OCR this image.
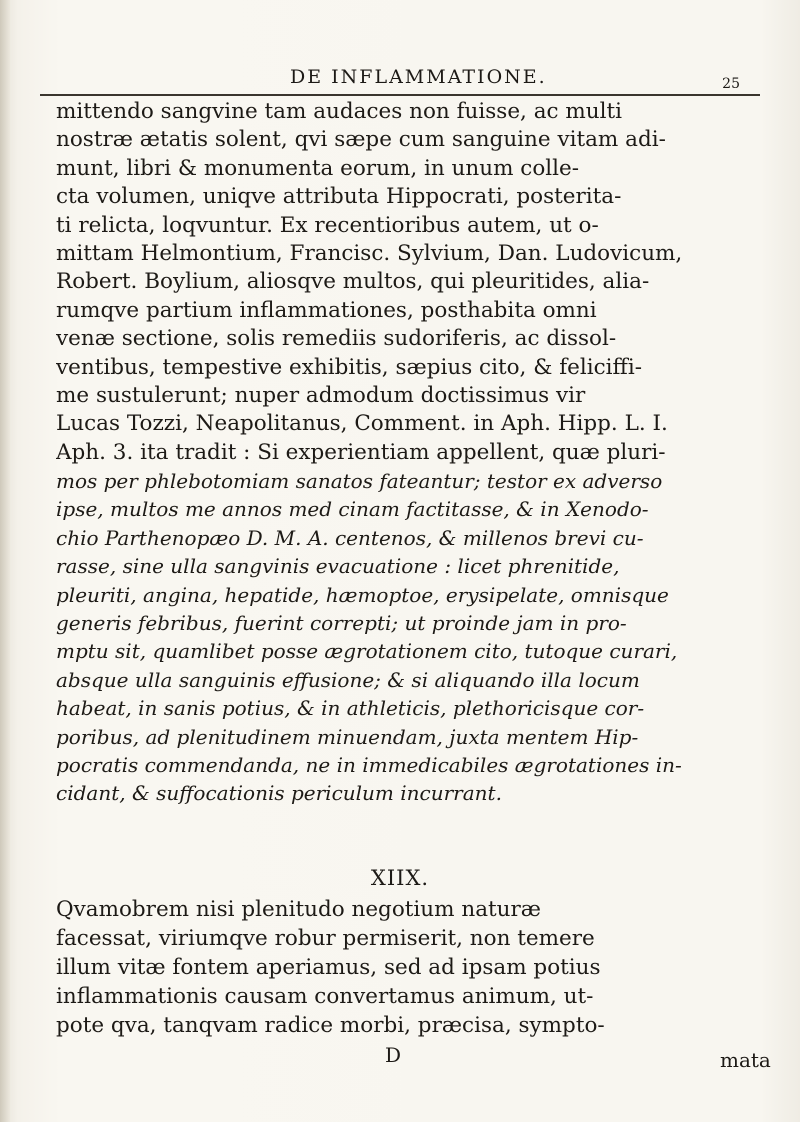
DE INFLAMMATIONE.	25
mittendo sangvine tam audaces non fuisse, ac multi
nostræ ætatis solent, qvi sæpe cum sanguine vitam adi-
munt, libri & monumenta eorum, in unum colle-
cta volumen, uniqve attributa Hippocrati, posterita-
ti relicta, loqvuntur. Ex recentioribus autem, ut o-
mittam Helmontium, Francisc. Sylvium, Dan. Ludovicum,
Robert. Boylium, aliosqve multos, qui pleuritides, alia-
rumqve partium inflammationes, posthabita omni
venæ sectione, solis remediis sudoriferis, ac dissol-
ventibus, tempestive exhibitis, sæpius cito, & feliciffi-
me sustulerunt; nuper admodum doctissimus vir
Lucas Tozzi, Neapolitanus, Comment. in Aph. Hipp. L. I.
Aph. 3. ita tradit : Si experientiam appellent, quæ pluri-
mos per phlebotomiam sanatos fateantur; testor ex adverso
ipse, multos me annos med cinam factitasse, & in Xenodo-
chio Parthenopæo D. M. A. centenos, & millenos brevi cu-
rasse, sine ulla sangvinis evacuatione : licet phrenitide,
pleuriti, angina, hepatide, hæmoptoe, erysipelate, omnisque
generis febribus, fuerint correpti; ut proinde jam in pro-
mptu sit, quamlibet posse ægrotationem cito, tutoque curari,
absque ulla sanguinis effusione; & si aliquando illa locum
habeat, in sanis potius, & in athleticis, plethoricisque cor-
poribus, ad plenitudinem minuendam, juxta mentem Hip-
pocratis commendanda, ne in immedicabiles ægrotationes in-
cidant, & suffocationis periculum incurrant.
XIIX.
Qvamobrem nisi plenitudo negotium naturæ
facessat, viriumqve robur permiserit, non temere
illum vitæ fontem aperiamus, sed ad ipsam potius
inflammationis causam convertamus animum, ut-
pote qva, tanqvam radice morbi, præcisa, sympto-
D	mata
